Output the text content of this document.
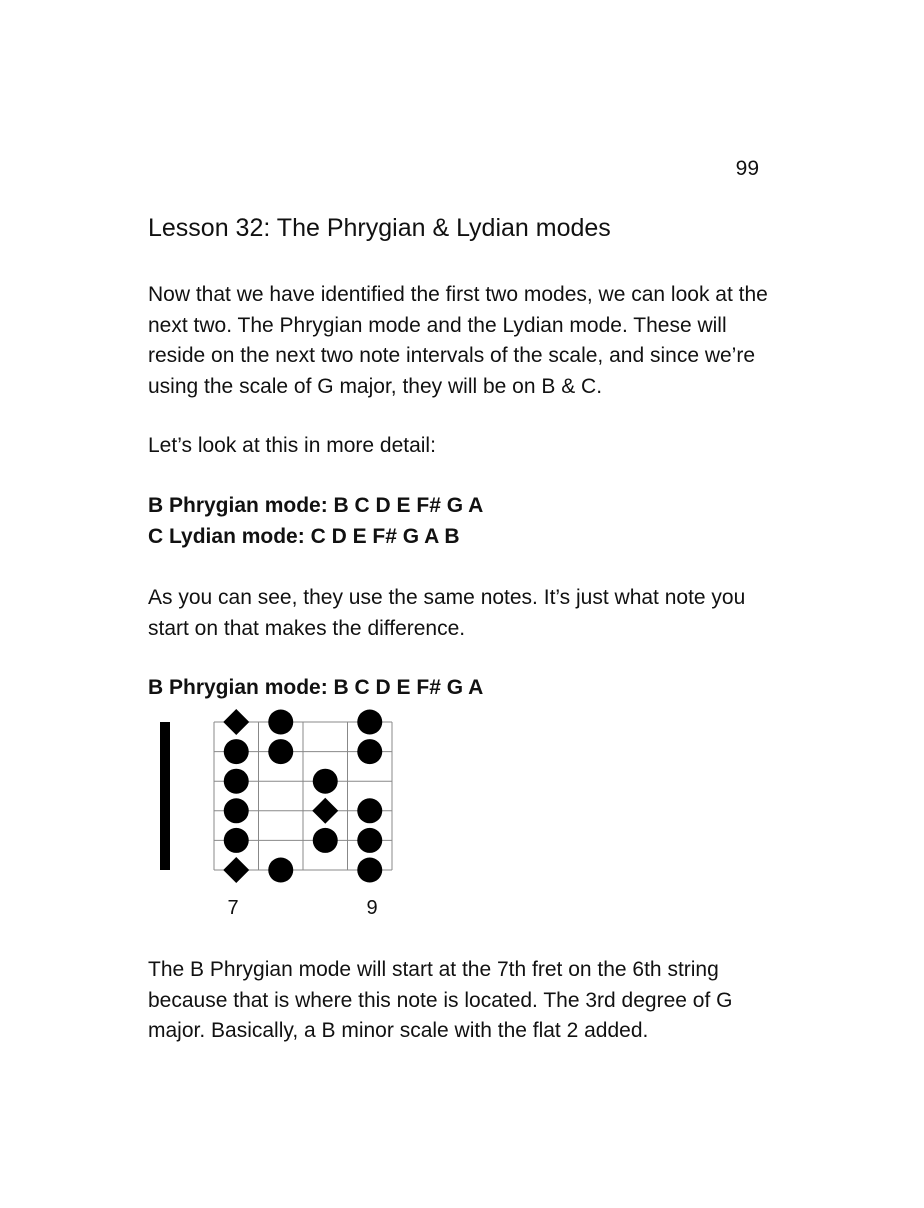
99
Lesson 32: The Phrygian & Lydian modes

Now that we have identified the first two modes, we can look at the next two. The Phrygian mode and the Lydian mode. These will reside on the next two note intervals of the scale, and since we’re using the scale of G major, they will be on B & C.

Let’s look at this in more detail:

B Phrygian mode: B C D E F# G A

C Lydian mode: C D E F# G A B

As you can see, they use the same notes. It’s just what note you start on that makes the difference.

B Phrygian mode: B C D E F# G A

7	9

The B Phrygian mode will start at the 7th fret on the 6th string because that is where this note is located. The 3rd degree of G major. Basically, a B minor scale with the flat 2 added.
